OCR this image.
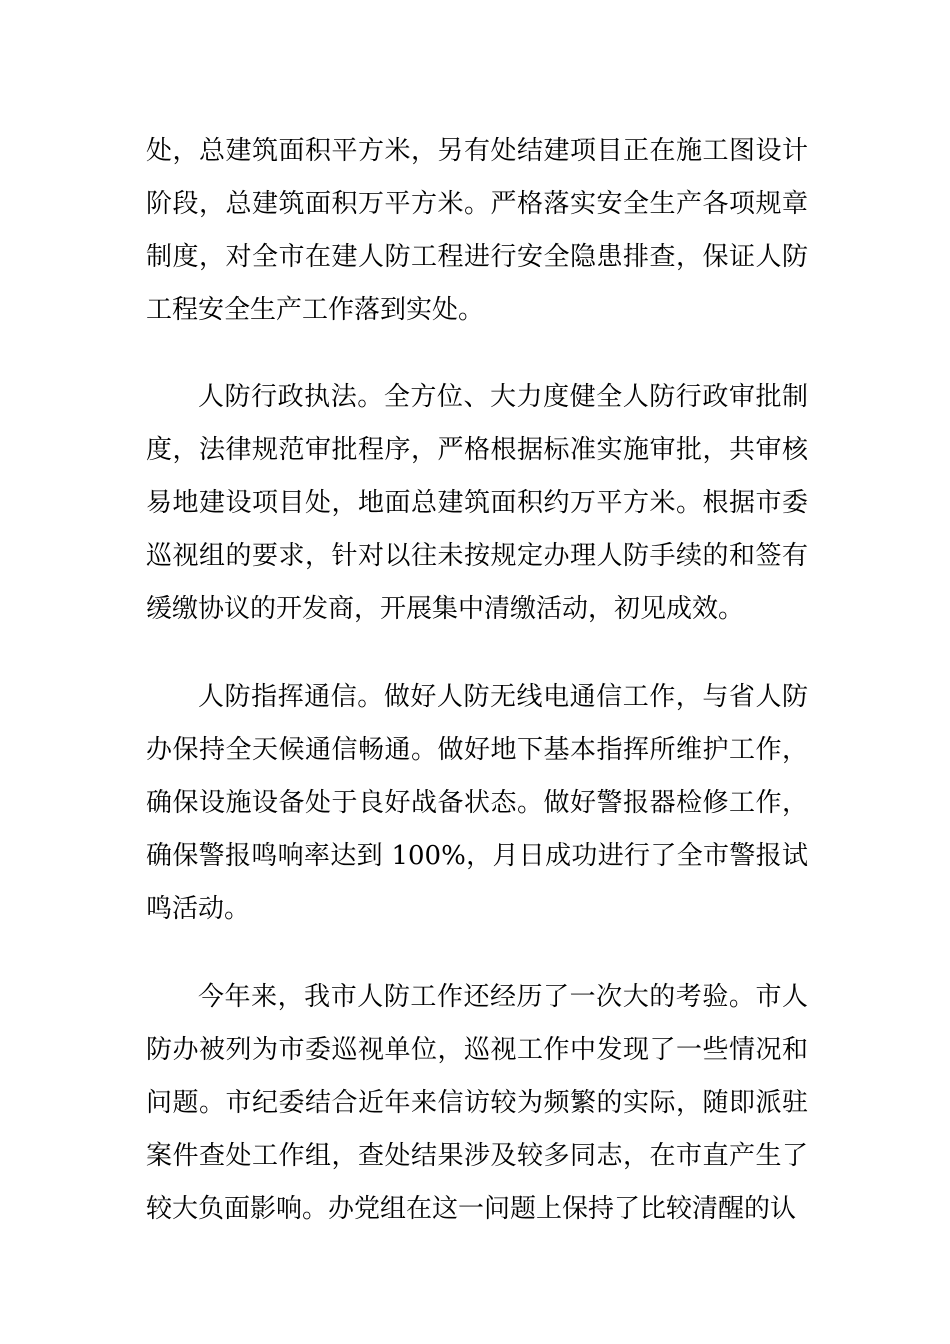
处，总建筑面积平方米，另有处结建项目正在施工图设计阶段，总建筑面积万平方米。严格落实安全生产各项规章制度，对全市在建人防工程进行安全隐患排查，保证人防工程安全生产工作落到实处。

人防行政执法。全方位、大力度健全人防行政审批制度，法律规范审批程序，严格根据标准实施审批，共审核易地建设项目处，地面总建筑面积约万平方米。根据市委巡视组的要求，针对以往未按规定办理人防手续的和签有缓缴协议的开发商，开展集中清缴活动，初见成效。

人防指挥通信。做好人防无线电通信工作，与省人防办保持全天候通信畅通。做好地下基本指挥所维护工作，确保设施设备处于良好战备状态。做好警报器检修工作，确保警报鸣响率达到 100%，月日成功进行了全市警报试鸣活动。

今年来，我市人防工作还经历了一次大的考验。市人防办被列为市委巡视单位，巡视工作中发现了一些情况和问题。市纪委结合近年来信访较为频繁的实际，随即派驻案件查处工作组，查处结果涉及较多同志，在市直产生了较大负面影响。办党组在这一问题上保持了比较清醒的认
